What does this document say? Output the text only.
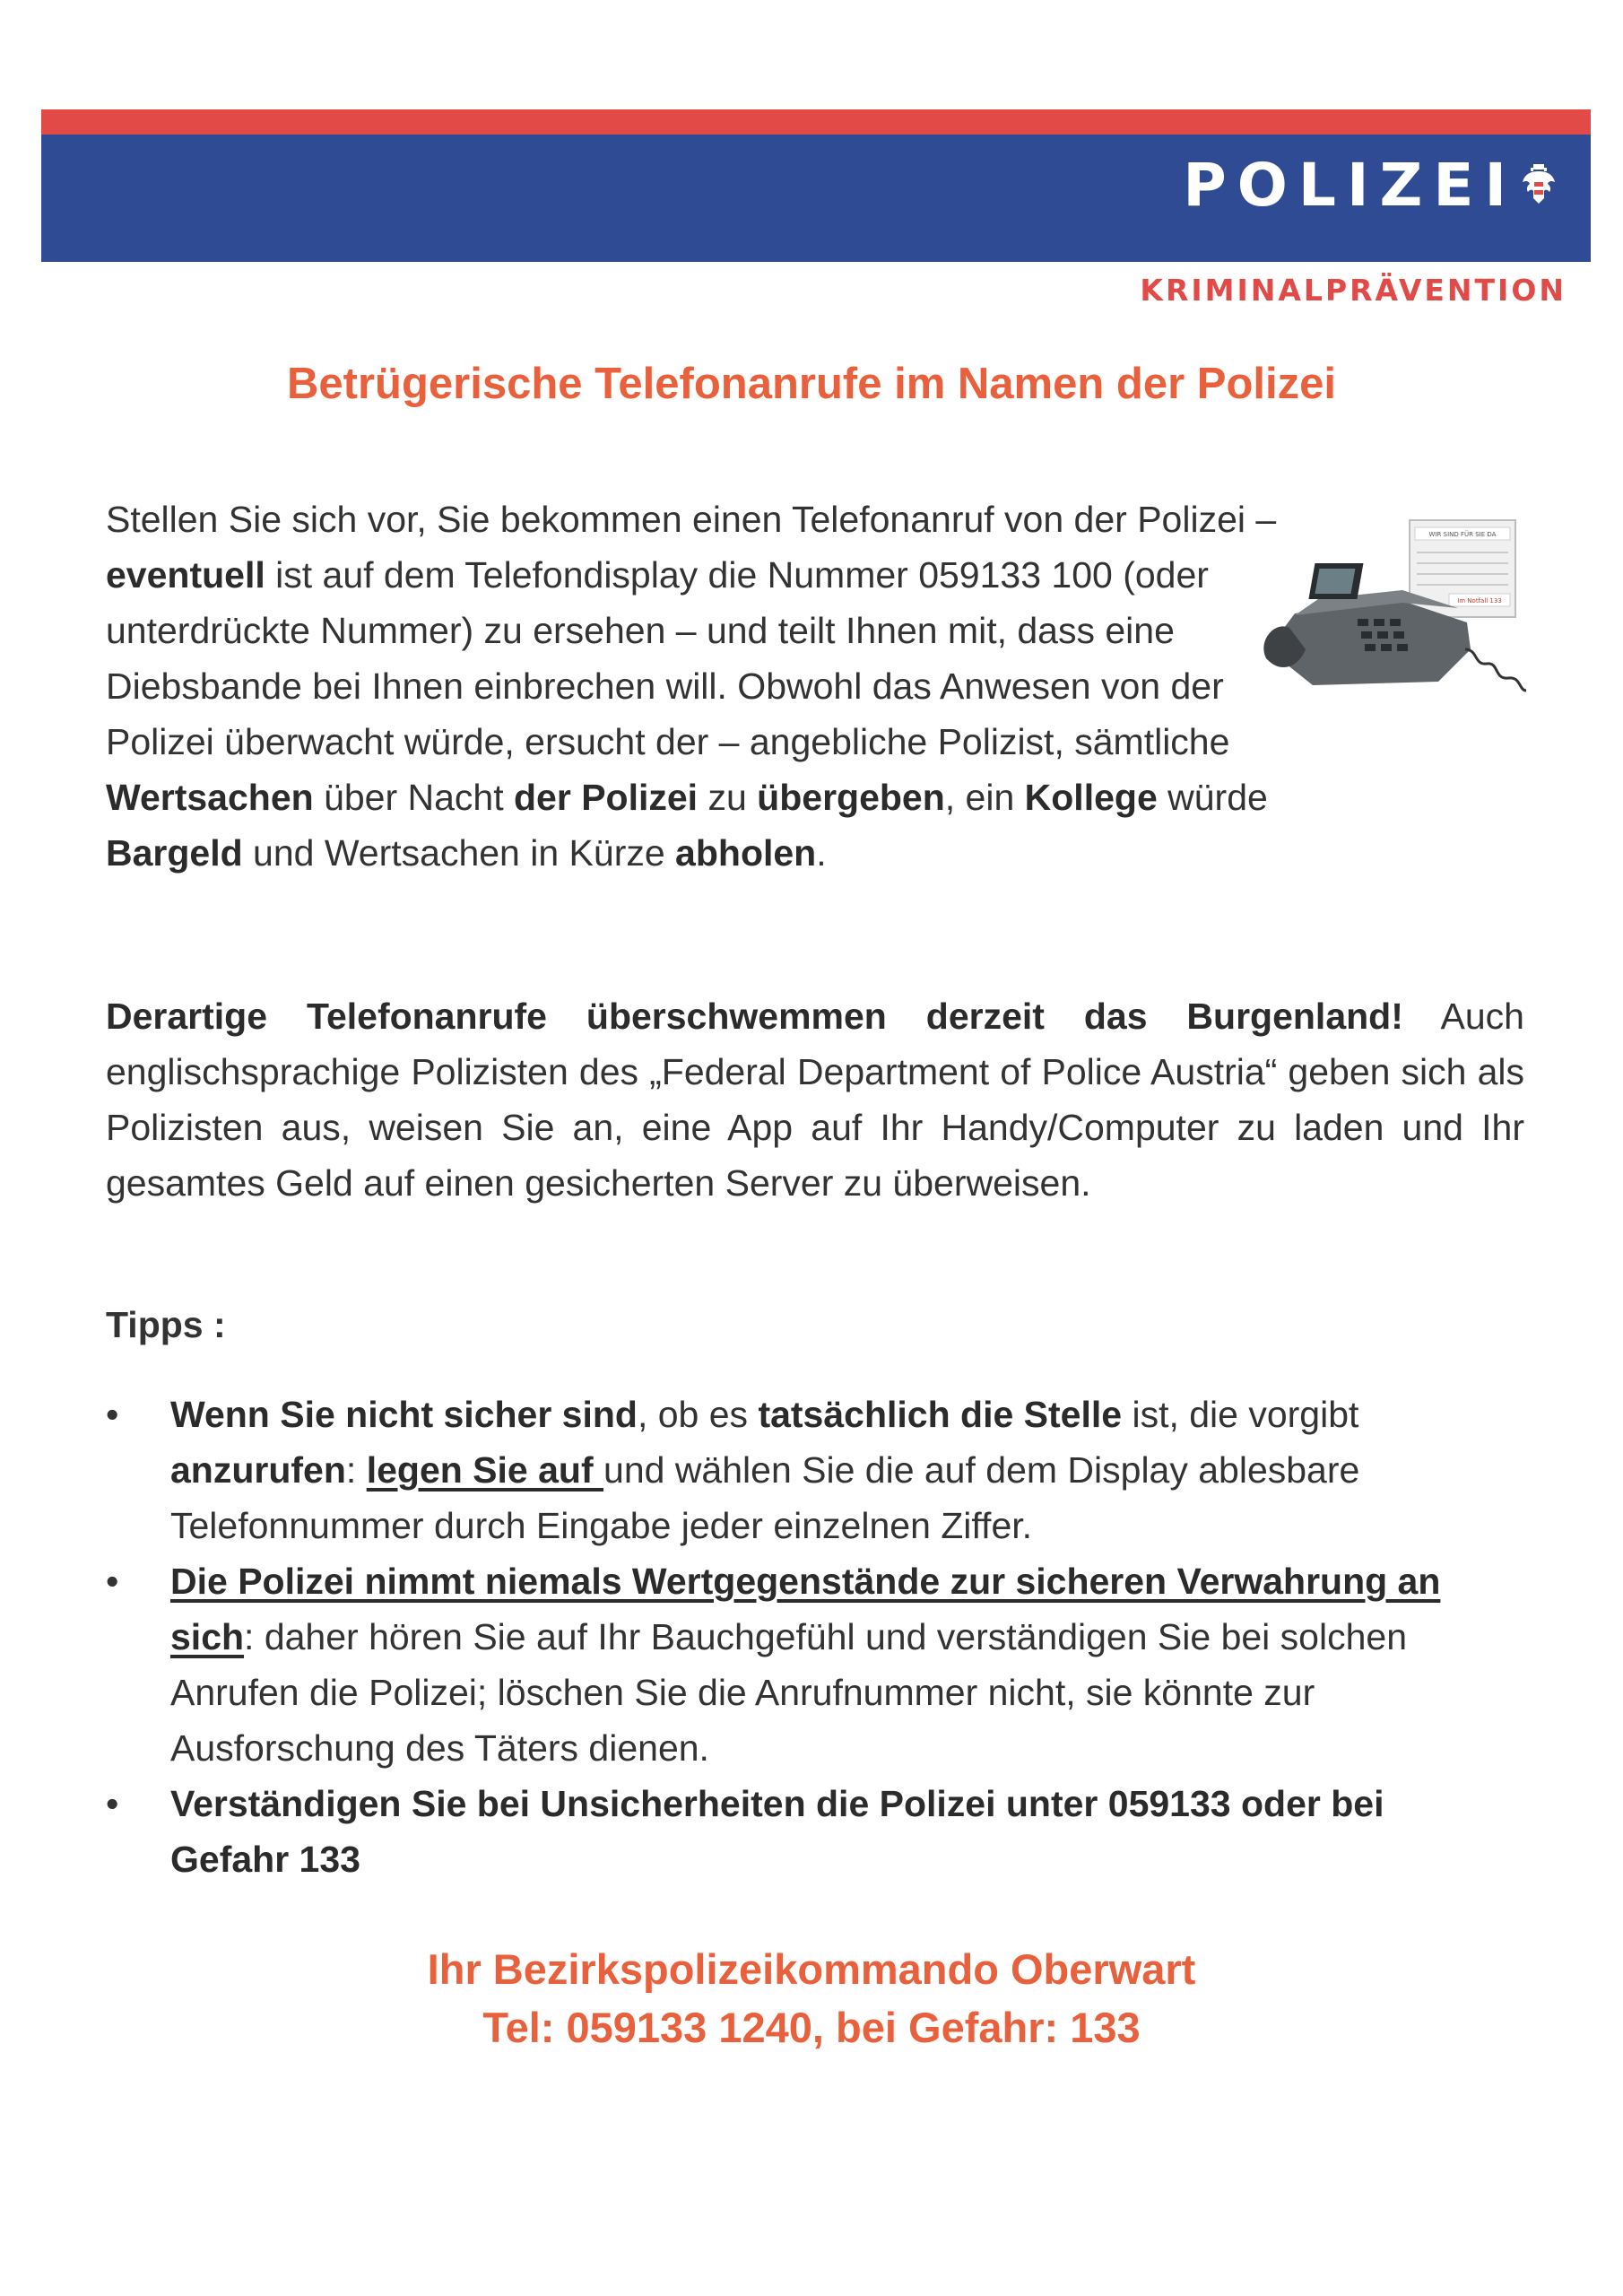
POLIZEI
KRIMINALPRÄVENTION
Betrügerische Telefonanrufe im Namen der Polizei
Stellen Sie sich vor, Sie bekommen einen Telefonanruf von der Polizei – eventuell ist auf dem Telefondisplay die Nummer 059133 100 (oder unterdrückte Nummer) zu ersehen – und teilt Ihnen mit, dass eine Diebsbande bei Ihnen einbrechen will. Obwohl das Anwesen von der Polizei überwacht würde, ersucht der – angebliche Polizist, sämtliche Wertsachen über Nacht der Polizei zu übergeben, ein Kollege würde Bargeld und Wertsachen in Kürze abholen.
WIR SIND FÜR SIE DA
Im Notfall 133
Derartige Telefonanrufe überschwemmen derzeit das Burgenland! Auch englischsprachige Polizisten des „Federal Department of Police Austria“ geben sich als Polizisten aus, weisen Sie an, eine App auf Ihr Handy/Computer zu laden und Ihr gesamtes Geld auf einen gesicherten Server zu überweisen.
Tipps :
• Wenn Sie nicht sicher sind, ob es tatsächlich die Stelle ist, die vorgibt anzurufen: legen Sie auf und wählen Sie die auf dem Display ablesbare Telefonnummer durch Eingabe jeder einzelnen Ziffer.
• Die Polizei nimmt niemals Wertgegenstände zur sicheren Verwahrung an sich: daher hören Sie auf Ihr Bauchgefühl und verständigen Sie bei solchen Anrufen die Polizei; löschen Sie die Anrufnummer nicht, sie könnte zur Ausforschung des Täters dienen.
• Verständigen Sie bei Unsicherheiten die Polizei unter 059133 oder bei Gefahr 133
Ihr Bezirkspolizeikommando Oberwart
Tel: 059133 1240, bei Gefahr: 133
